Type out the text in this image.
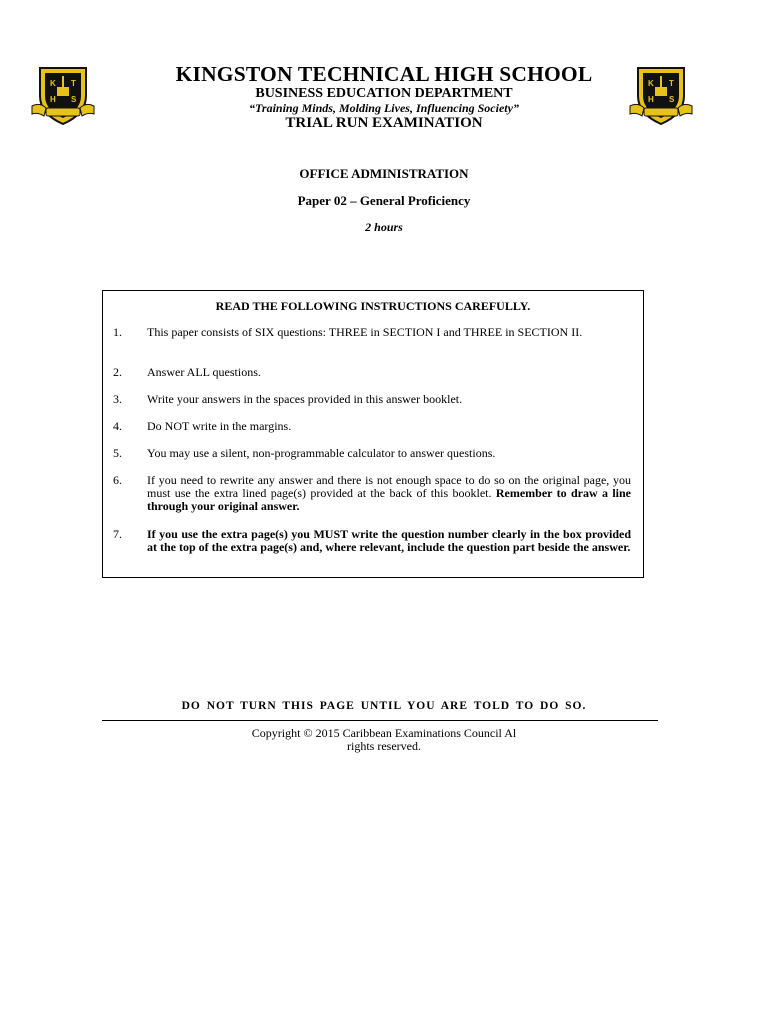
K T
H S
K T
H S
KINGSTON TECHNICAL HIGH SCHOOL
BUSINESS EDUCATION DEPARTMENT
“Training Minds, Molding Lives, Influencing Society”
TRIAL RUN EXAMINATION
OFFICE ADMINISTRATION
Paper 02 – General Proficiency
2 hours
READ THE FOLLOWING INSTRUCTIONS CAREFULLY.
1.	This paper consists of SIX questions: THREE in SECTION I and THREE in SECTION II.
2.	Answer ALL questions.
3.	Write your answers in the spaces provided in this answer booklet.
4.	Do NOT write in the margins.
5.	You may use a silent, non-programmable calculator to answer questions.
6.	If you need to rewrite any answer and there is not enough space to do so on the original page, you must use the extra lined page(s) provided at the back of this booklet. Remember to draw a line through your original answer.
7.	If you use the extra page(s) you MUST write the question number clearly in the box provided at the top of the extra page(s) and, where relevant, include the question part beside the answer.
DO NOT TURN THIS PAGE UNTIL YOU ARE TOLD TO DO SO.
Copyright © 2015 Caribbean Examinations Council Al
rights reserved.
